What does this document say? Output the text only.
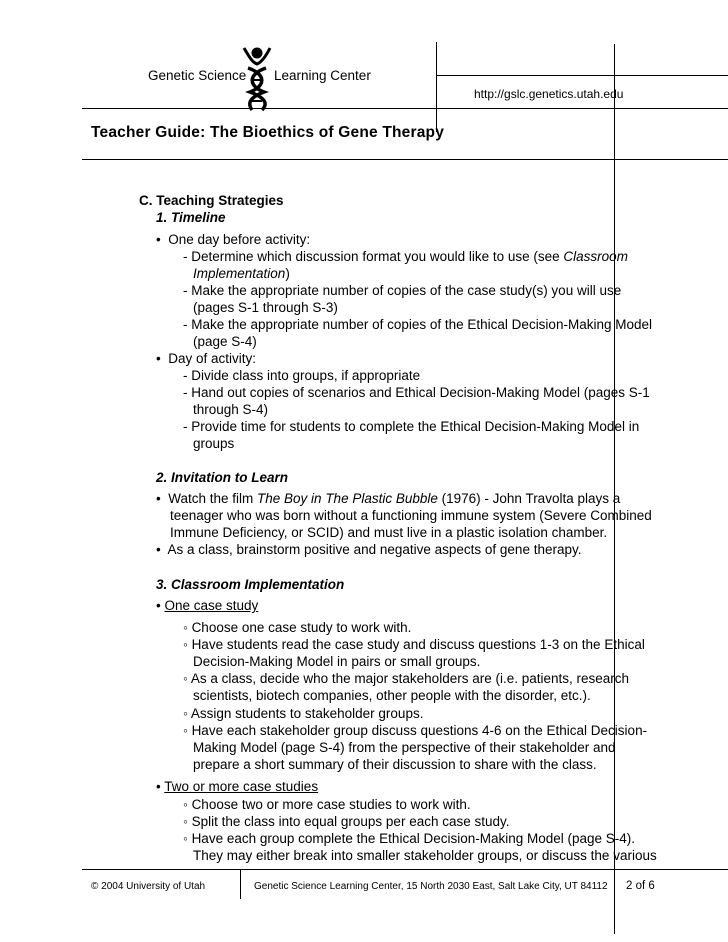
Genetic Science Learning Center
http://gslc.genetics.utah.edu
Teacher Guide: The Bioethics of Gene Therapy
C. Teaching Strategies
1. Timeline
• One day before activity:
- Determine which discussion format you would like to use (see Classroom
Implementation)
- Make the appropriate number of copies of the case study(s) you will use
(pages S-1 through S-3)
- Make the appropriate number of copies of the Ethical Decision-Making Model
(page S-4)
• Day of activity:
- Divide class into groups, if appropriate
- Hand out copies of scenarios and Ethical Decision-Making Model (pages S-1
through S-4)
- Provide time for students to complete the Ethical Decision-Making Model in
groups
2. Invitation to Learn
• Watch the film The Boy in The Plastic Bubble (1976) - John Travolta plays a
teenager who was born without a functioning immune system (Severe Combined
Immune Deficiency, or SCID) and must live in a plastic isolation chamber.
• As a class, brainstorm positive and negative aspects of gene therapy.
3. Classroom Implementation
• One case study
◦ Choose one case study to work with.
◦ Have students read the case study and discuss questions 1-3 on the Ethical
Decision-Making Model in pairs or small groups.
◦ As a class, decide who the major stakeholders are (i.e. patients, research
scientists, biotech companies, other people with the disorder, etc.).
◦ Assign students to stakeholder groups.
◦ Have each stakeholder group discuss questions 4-6 on the Ethical Decision-
Making Model (page S-4) from the perspective of their stakeholder and
prepare a short summary of their discussion to share with the class.
• Two or more case studies
◦ Choose two or more case studies to work with.
◦ Split the class into equal groups per each case study.
◦ Have each group complete the Ethical Decision-Making Model (page S-4).
They may either break into smaller stakeholder groups, or discuss the various
© 2004 University of Utah	Genetic Science Learning Center, 15 North 2030 East, Salt Lake City, UT 84112 2 of 6
